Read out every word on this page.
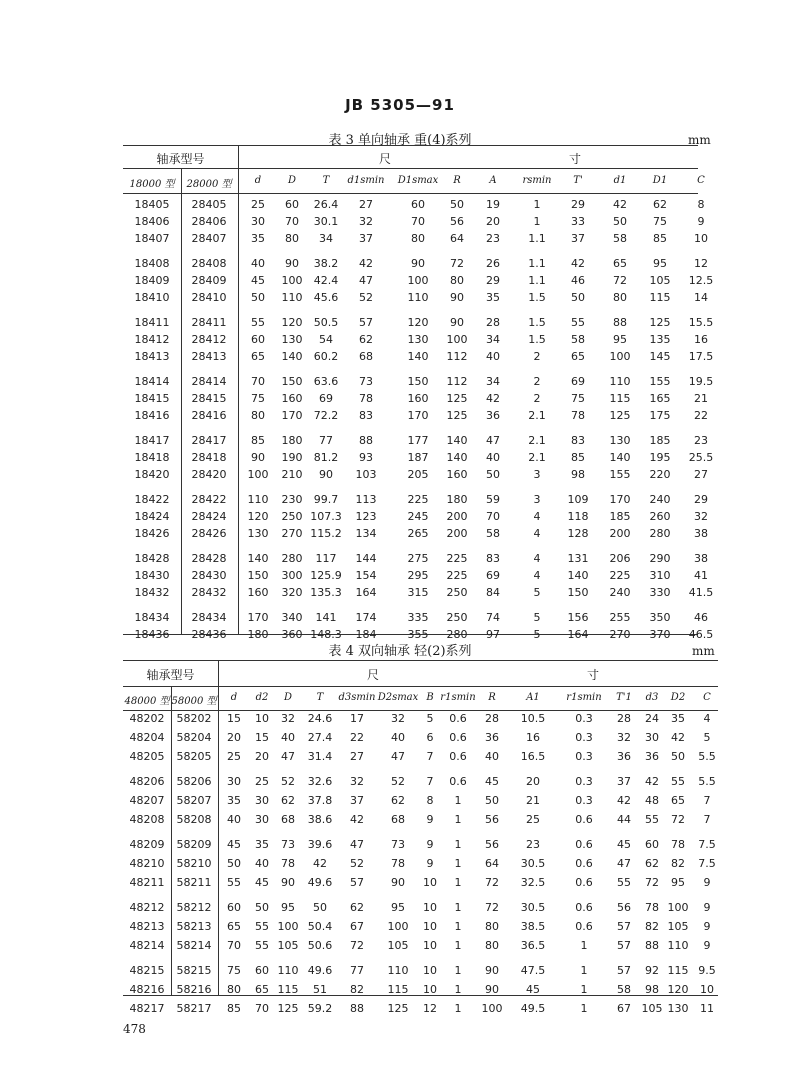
JB 5305—91
表 3 单向轴承 重(4)系列	mm
轴承型号	尺	寸
18000 型	28000 型	d	D	T	d1smin	D1smax	R	A	rsmin	T'	d1	D1	C
18405	28405	25	60	26.4	27	60	50	19	1	29	42	62	8
18406	28406	30	70	30.1	32	70	56	20	1	33	50	75	9
18407	28407	35	80	34	37	80	64	23	1.1	37	58	85	10
18408	28408	40	90	38.2	42	90	72	26	1.1	42	65	95	12
18409	28409	45	100	42.4	47	100	80	29	1.1	46	72	105	12.5
18410	28410	50	110	45.6	52	110	90	35	1.5	50	80	115	14
18411	28411	55	120	50.5	57	120	90	28	1.5	55	88	125	15.5
18412	28412	60	130	54	62	130	100	34	1.5	58	95	135	16
18413	28413	65	140	60.2	68	140	112	40	2	65	100	145	17.5
18414	28414	70	150	63.6	73	150	112	34	2	69	110	155	19.5
18415	28415	75	160	69	78	160	125	42	2	75	115	165	21
18416	28416	80	170	72.2	83	170	125	36	2.1	78	125	175	22
18417	28417	85	180	77	88	177	140	47	2.1	83	130	185	23
18418	28418	90	190	81.2	93	187	140	40	2.1	85	140	195	25.5
18420	28420	100	210	90	103	205	160	50	3	98	155	220	27
18422	28422	110	230	99.7	113	225	180	59	3	109	170	240	29
18424	28424	120	250 107.3	123	245	200	70	4	118	185	260	32
18426	28426	130	270 115.2	134	265	200	58	4	128	200	280	38
18428	28428	140	280	117	144	275	225	83	4	131	206	290	38
18430	28430	150	300 125.9	154	295	225	69	4	140	225	310	41
18432	28432	160	320 135.3	164	315	250	84	5	150	240	330	41.5
18434	28434	170	340	141	174	335	250	74	5	156	255	350	46
18436	28436	180	360 148.3	184	355	280	97	5	164	270	370	46.5
表 4 双向轴承 轻(2)系列	mm
轴承型号	尺	寸
48000 型 58000 型	d	d2	D	T	d3smin D2smax B r1smin	R	A1	r1smin	T'1	d3	D2	C
48202	58202	15	10	32	24.6	17	32	5	0.6	28	10.5	0.3	28	24	35	4
48204	58204	20	15	40	27.4	22	40	6	0.6	36	16	0.3	32	30	42	5
48205	58205	25	20	47	31.4	27	47	7	0.6	40	16.5	0.3	36	36	50	5.5
48206	58206	30	25	52	32.6	32	52	7	0.6	45	20	0.3	37	42	55	5.5
48207	58207	35	30	62	37.8	37	62	8	1	50	21	0.3	42	48	65	7
48208	58208	40	30	68	38.6	42	68	9	1	56	25	0.6	44	55	72	7
48209	58209	45	35	73	39.6	47	73	9	1	56	23	0.6	45	60	78	7.5
48210	58210	50	40	78	42	52	78	9	1	64	30.5	0.6	47	62	82	7.5
48211	58211	55	45	90	49.6	57	90	10	1	72	32.5	0.6	55	72	95	9
48212	58212	60	50	95	50	62	95	10	1	72	30.5	0.6	56	78 100	9
48213	58213	65	55 100 50.4	67	100	10	1	80	38.5	0.6	57	82 105	9
48214	58214	70	55 105 50.6	72	105	10	1	80	36.5	1	57	88 110	9
48215	58215	75	60 110 49.6	77	110	10	1	90	47.5	1	57	92 115 9.5
48216	58216	80	65 115	51	82	115	10	1	90	45	1	58	98 120	10
48217	58217	85	70 125 59.2	88	125	12	1	100	49.5	1	67 105 130	11
478
